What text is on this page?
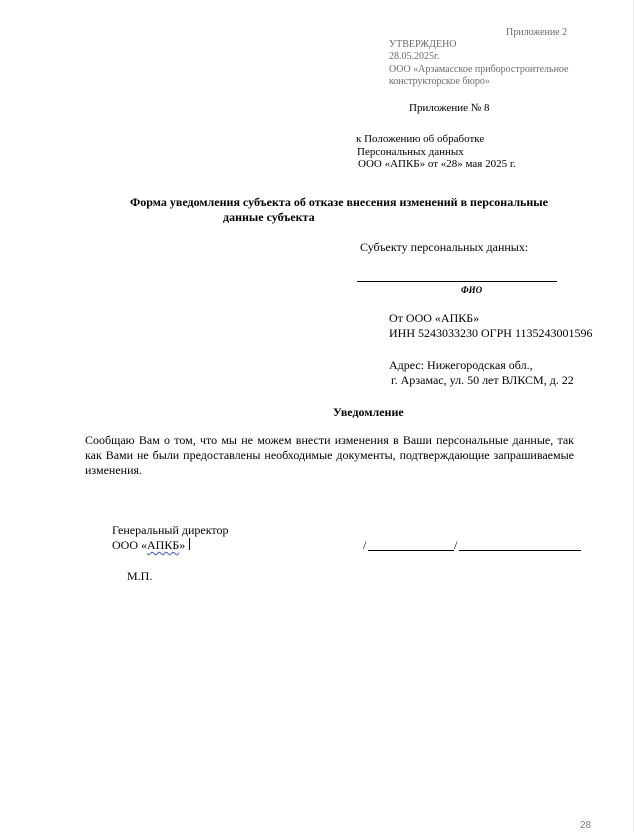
Приложение 2
УТВЕРЖДЕНО
28.05.2025г.
ООО «Арзамасское приборостроительное
конструкторское бюро»
Приложение № 8
к Положению об обработке
Персональных данных
ООО «АПКБ» от «28» мая 2025 г.
Форма уведомления субъекта об отказе внесения изменений в персональные
данные субъекта
Субъекту персональных данных:
ФИО
От ООО «АПКБ»
ИНН 5243033230 ОГРН 1135243001596
Адрес: Нижегородская обл.,
г. Арзамас, ул. 50 лет ВЛКСМ, д. 22
Уведомление
Сообщаю Вам о том, что мы не можем внести изменения в Ваши персональные данные, так как Вами не были предоставлены необходимые документы, подтверждающие запрашиваемые изменения.
Генеральный директор
ООО «АПКБ»	/	/
М.П.
28
